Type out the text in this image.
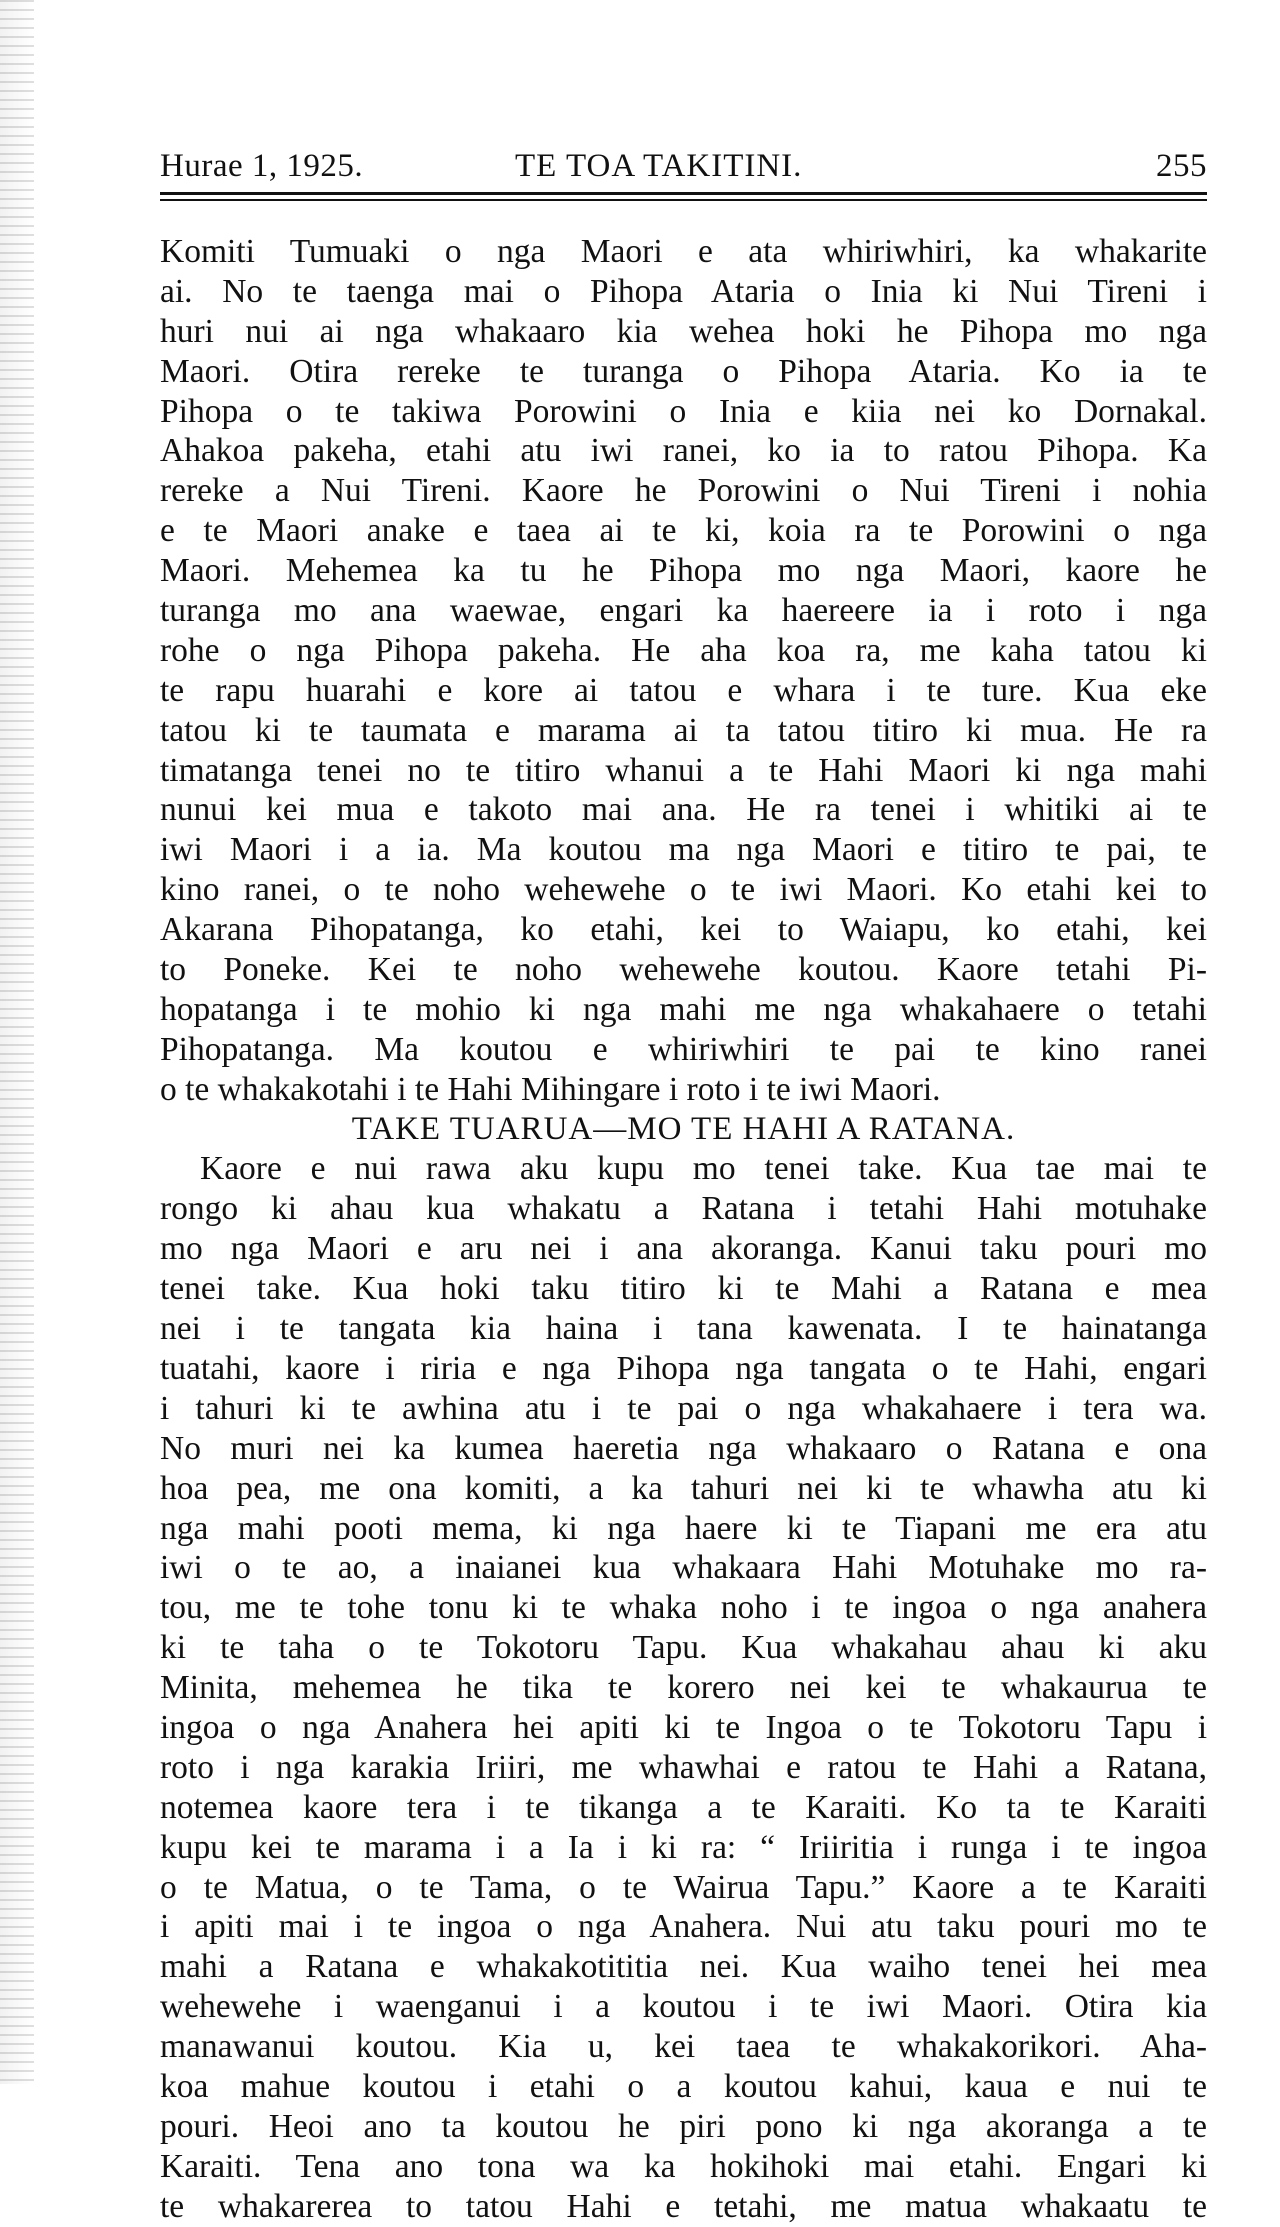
Hurae 1, 1925.	TE TOA TAKITINI.	255
Komiti Tumuaki o nga Maori e ata whiriwhiri, ka whakarite
ai. No te taenga mai o Pihopa Ataria o Inia ki Nui Tireni i
huri nui ai nga whakaaro kia wehea hoki he Pihopa mo nga
Maori. Otira rereke te turanga o Pihopa Ataria. Ko ia te
Pihopa o te takiwa Porowini o Inia e kiia nei ko Dornakal.
Ahakoa pakeha, etahi atu iwi ranei, ko ia to ratou Pihopa. Ka
rereke a Nui Tireni. Kaore he Porowini o Nui Tireni i nohia
e te Maori anake e taea ai te ki, koia ra te Porowini o nga
Maori. Mehemea ka tu he Pihopa mo nga Maori, kaore he
turanga mo ana waewae, engari ka haereere ia i roto i nga
rohe o nga Pihopa pakeha. He aha koa ra, me kaha tatou ki
te rapu huarahi e kore ai tatou e whara i te ture. Kua eke
tatou ki te taumata e marama ai ta tatou titiro ki mua. He ra
timatanga tenei no te titiro whanui a te Hahi Maori ki nga mahi
nunui kei mua e takoto mai ana. He ra tenei i whitiki ai te
iwi Maori i a ia. Ma koutou ma nga Maori e titiro te pai, te
kino ranei, o te noho wehewehe o te iwi Maori. Ko etahi kei to
Akarana Pihopatanga, ko etahi, kei to Waiapu, ko etahi, kei
to Poneke. Kei te noho wehewehe koutou. Kaore tetahi Pi-
hopatanga i te mohio ki nga mahi me nga whakahaere o tetahi
Pihopatanga. Ma koutou e whiriwhiri te pai te kino ranei
o te whakakotahi i te Hahi Mihingare i roto i te iwi Maori.
TAKE TUARUA—MO TE HAHI A RATANA.
Kaore e nui rawa aku kupu mo tenei take. Kua tae mai te
rongo ki ahau kua whakatu a Ratana i tetahi Hahi motuhake
mo nga Maori e aru nei i ana akoranga. Kanui taku pouri mo
tenei take. Kua hoki taku titiro ki te Mahi a Ratana e mea
nei i te tangata kia haina i tana kawenata. I te hainatanga
tuatahi, kaore i riria e nga Pihopa nga tangata o te Hahi, engari
i tahuri ki te awhina atu i te pai o nga whakahaere i tera wa.
No muri nei ka kumea haeretia nga whakaaro o Ratana e ona
hoa pea, me ona komiti, a ka tahuri nei ki te whawha atu ki
nga mahi pooti mema, ki nga haere ki te Tiapani me era atu
iwi o te ao, a inaianei kua whakaara Hahi Motuhake mo ra-
tou, me te tohe tonu ki te whaka noho i te ingoa o nga anahera
ki te taha o te Tokotoru Tapu. Kua whakahau ahau ki aku
Minita, mehemea he tika te korero nei kei te whakaurua te
ingoa o nga Anahera hei apiti ki te Ingoa o te Tokotoru Tapu i
roto i nga karakia Iriiri, me whawhai e ratou te Hahi a Ratana,
notemea kaore tera i te tikanga a te Karaiti. Ko ta te Karaiti
kupu kei te marama i a Ia i ki ra: “ Iriiritia i runga i te ingoa
o te Matua, o te Tama, o te Wairua Tapu.” Kaore a te Karaiti
i apiti mai i te ingoa o nga Anahera. Nui atu taku pouri mo te
mahi a Ratana e whakakotititia nei. Kua waiho tenei hei mea
wehewehe i waenganui i a koutou i te iwi Maori. Otira kia
manawanui koutou. Kia u, kei taea te whakakorikori. Aha-
koa mahue koutou i etahi o a koutou kahui, kaua e nui te
pouri. Heoi ano ta koutou he piri pono ki nga akoranga a te
Karaiti. Tena ano tona wa ka hokihoki mai etahi. Engari ki
te whakarerea to tatou Hahi e tetahi, me matua whakaatu te
